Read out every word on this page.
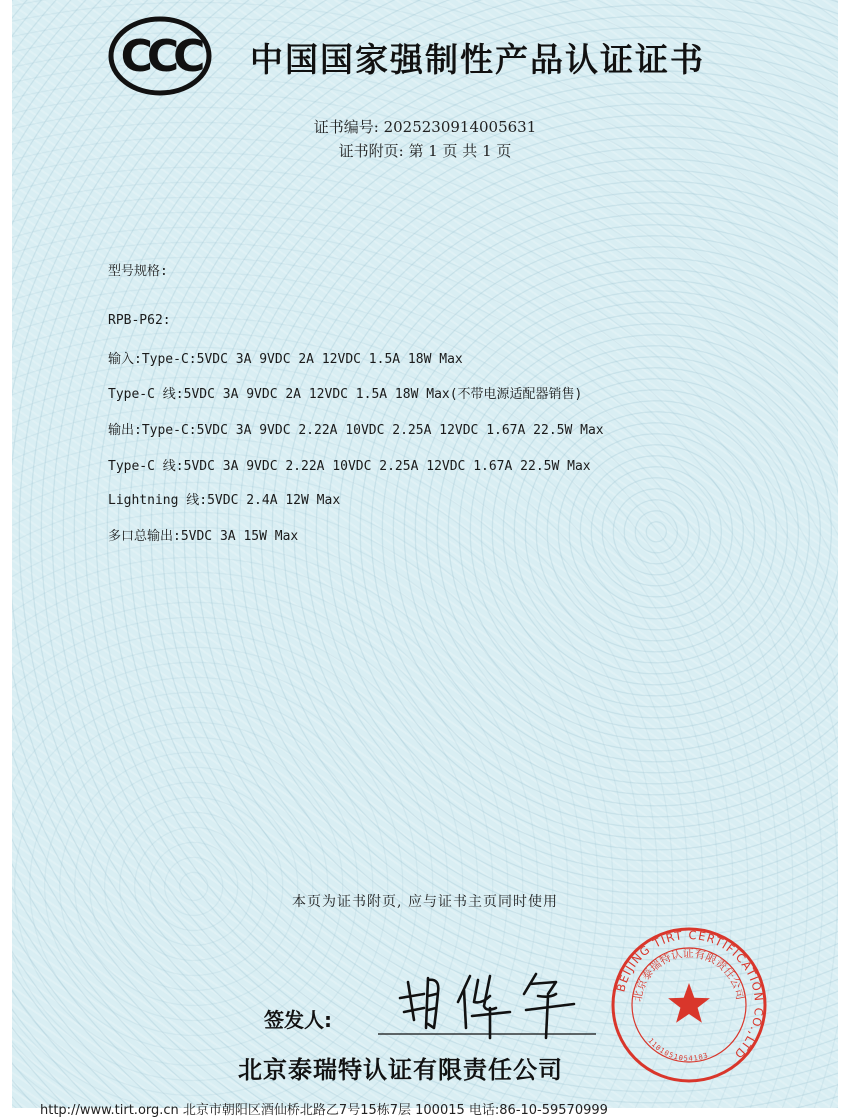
CCC 中国国家强制性产品认证证书
证书编号: 2025230914005631
证书附页: 第 1 页 共 1 页
型号规格:
RPB-P62:
输入:Type-C:5VDC 3A 9VDC 2A 12VDC 1.5A 18W Max
Type-C 线:5VDC 3A 9VDC 2A 12VDC 1.5A 18W Max(不带电源适配器销售)
输出:Type-C:5VDC 3A 9VDC 2.22A 10VDC 2.25A 12VDC 1.67A 22.5W Max
Type-C 线:5VDC 3A 9VDC 2.22A 10VDC 2.25A 12VDC 1.67A 22.5W Max
Lightning 线:5VDC 2.4A 12W Max
多口总输出:5VDC 3A 15W Max
本页为证书附页, 应与证书主页同时使用
签发人:
北京泰瑞特认证有限责任公司
BEIJING TIRT CERTIFICATION CO.,LTD
北京泰瑞特认证有限责任公司
1101051054183
http://www.tirt.org.cn 北京市朝阳区酒仙桥北路乙7号15栋7层 100015 电话:86-10-59570999
